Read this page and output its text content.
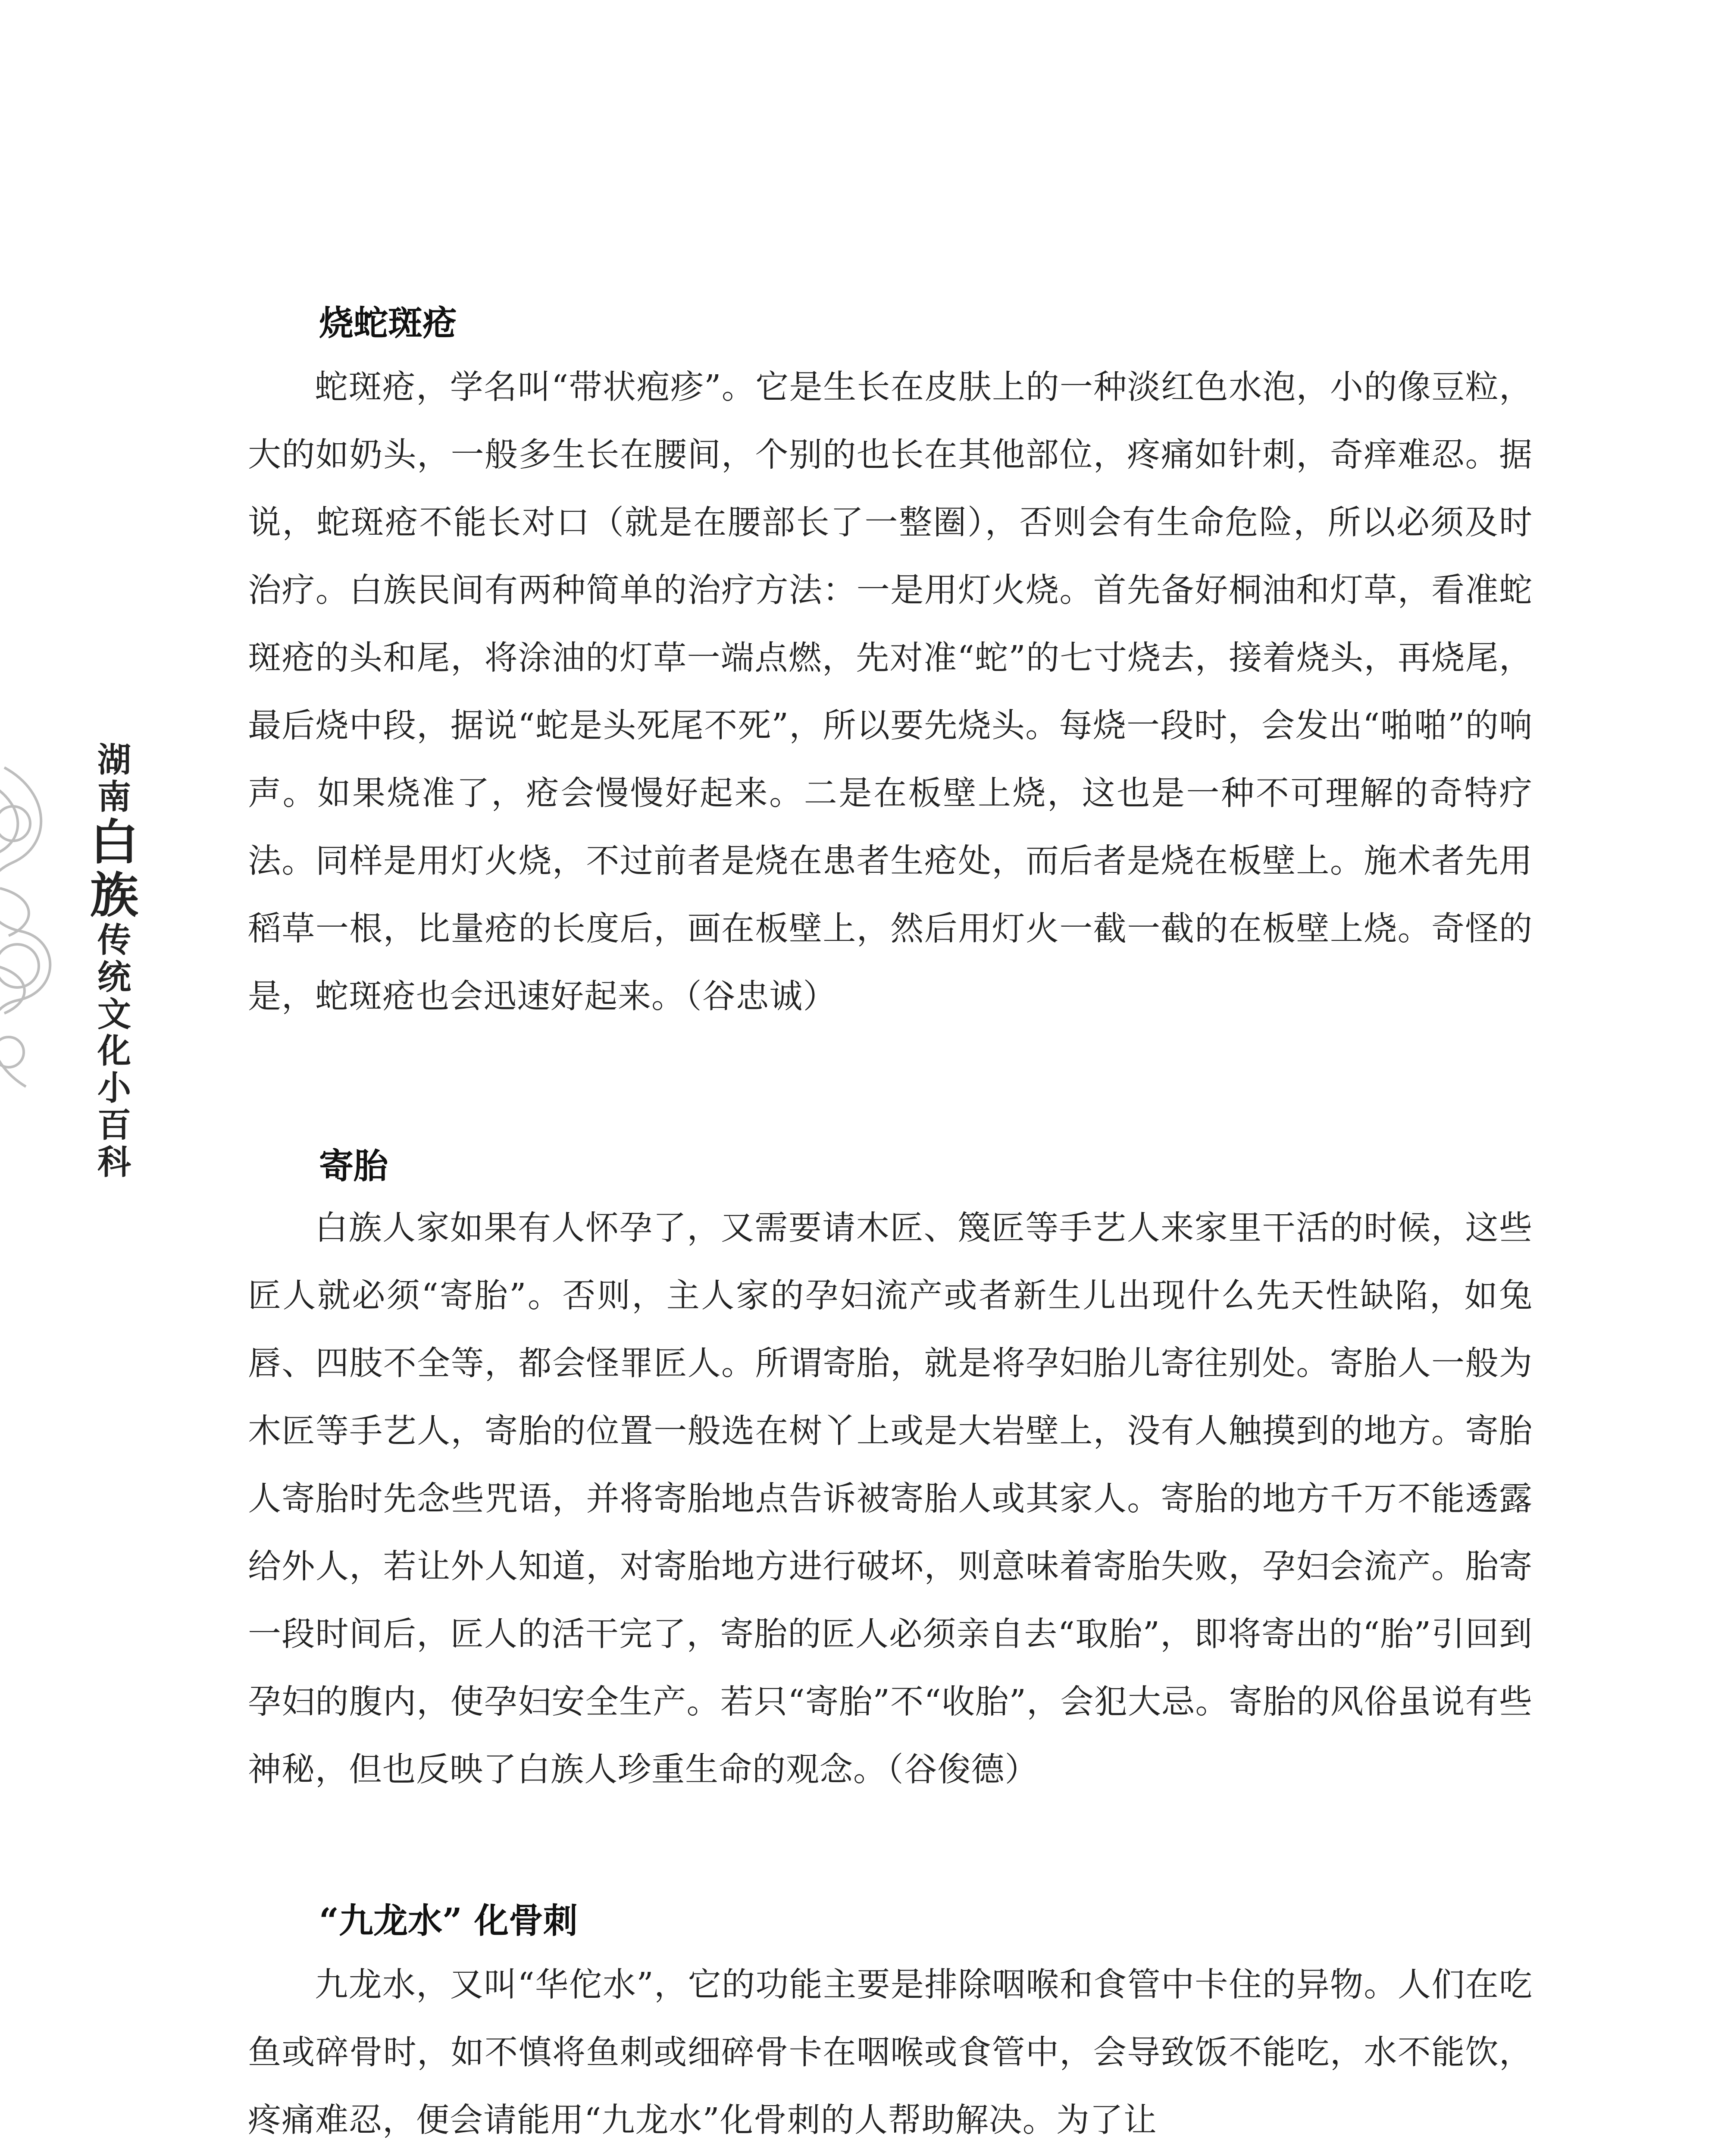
湖
南
白
族
传
统
文
化
小
百
科
烧蛇斑疮

蛇斑疮，学名叫“带状疱疹”。它是生长在皮肤上的一种淡红色水泡，小的像豆粒，大的如奶头，一般多生长在腰间，个别的也长在其他部位，疼痛如针刺，奇痒难忍。据说，蛇斑疮不能长对口（就是在腰部长了一整圈），否则会有生命危险，所以必须及时治疗。白族民间有两种简单的治疗方法：一是用灯火烧。首先备好桐油和灯草，看准蛇斑疮的头和尾，将涂油的灯草一端点燃，先对准“蛇”的七寸烧去，接着烧头，再烧尾，最后烧中段，据说“蛇是头死尾不死”，所以要先烧头。每烧一段时，会发出“啪啪”的响声。如果烧准了，疮会慢慢好起来。二是在板壁上烧，这也是一种不可理解的奇特疗法。同样是用灯火烧，不过前者是烧在患者生疮处，而后者是烧在板壁上。施术者先用稻草一根，比量疮的长度后，画在板壁上，然后用灯火一截一截的在板壁上烧。奇怪的是，蛇斑疮也会迅速好起来。（谷忠诚）

寄胎

白族人家如果有人怀孕了，又需要请木匠、篾匠等手艺人来家里干活的时候，这些匠人就必须“寄胎”。否则，主人家的孕妇流产或者新生儿出现什么先天性缺陷，如兔唇、四肢不全等，都会怪罪匠人。所谓寄胎，就是将孕妇胎儿寄往别处。寄胎人一般为木匠等手艺人，寄胎的位置一般选在树丫上或是大岩壁上，没有人触摸到的地方。寄胎人寄胎时先念些咒语，并将寄胎地点告诉被寄胎人或其家人。寄胎的地方千万不能透露给外人，若让外人知道，对寄胎地方进行破坏，则意味着寄胎失败，孕妇会流产。胎寄一段时间后，匠人的活干完了，寄胎的匠人必须亲自去“取胎”，即将寄出的“胎”引回到孕妇的腹内，使孕妇安全生产。若只“寄胎”不“收胎”，会犯大忌。寄胎的风俗虽说有些神秘，但也反映了白族人珍重生命的观念。（谷俊德）

“九龙水” 化骨刺

九龙水，又叫“华佗水”，它的功能主要是排除咽喉和食管中卡住的异物。人们在吃鱼或碎骨时，如不慎将鱼刺或细碎骨卡在咽喉或食管中，会导致饭不能吃，水不能饮，疼痛难忍，便会请能用“九龙水”化骨刺的人帮助解决。为了让
